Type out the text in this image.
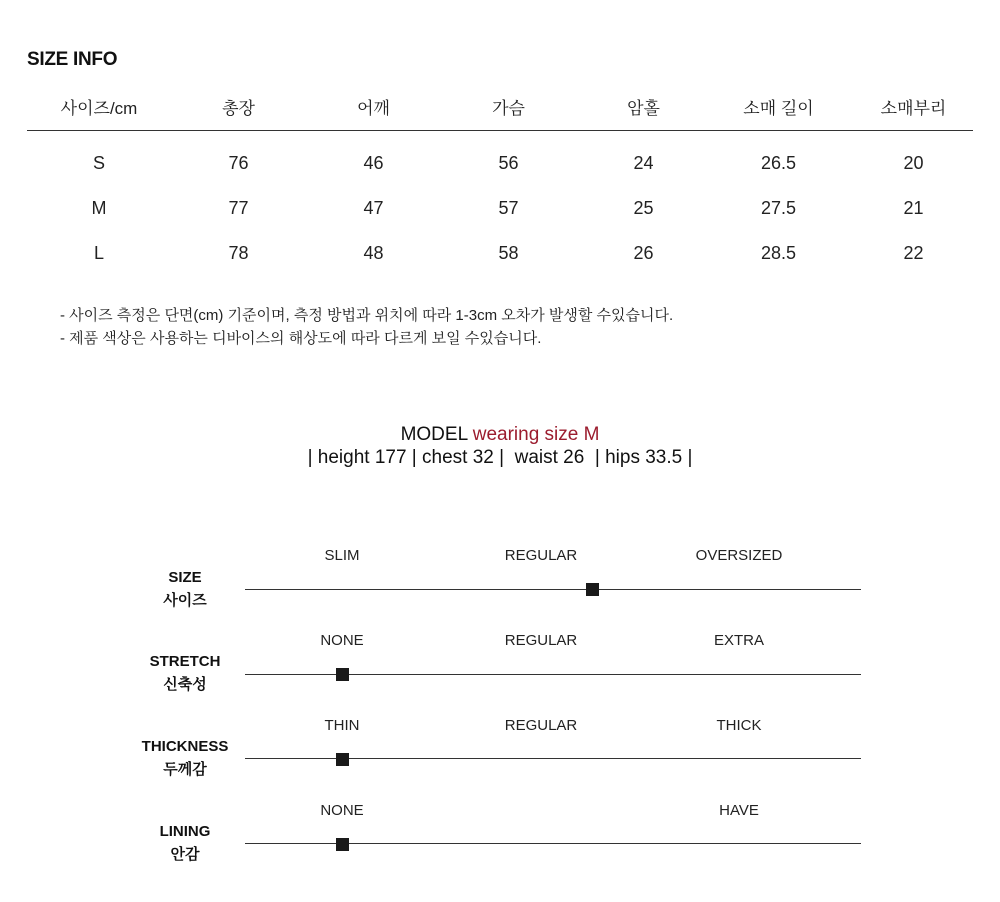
SIZE INFO
사이즈/cm	총장	어깨	가슴	암홀	소매 길이	소매부리
S	76	46	56	24	26.5	20
M	77	47	57	25	27.5	21
L	78	48	58	26	28.5	22
- 사이즈 측정은 단면(cm) 기준이며, 측정 방법과 위치에 따라 1-3cm 오차가 발생할 수있습니다.
- 제품 색상은 사용하는 디바이스의 해상도에 따라 다르게 보일 수있습니다.
MODEL wearing size M
| height 177 | chest 32 |  waist 26  | hips 33.5 |
SIZE
사이즈
SLIM	REGULAR	OVERSIZED
STRETCH
신축성
NONE	REGULAR	EXTRA
THICKNESS
두께감
THIN	REGULAR	THICK
LINING
안감
NONE	HAVE
